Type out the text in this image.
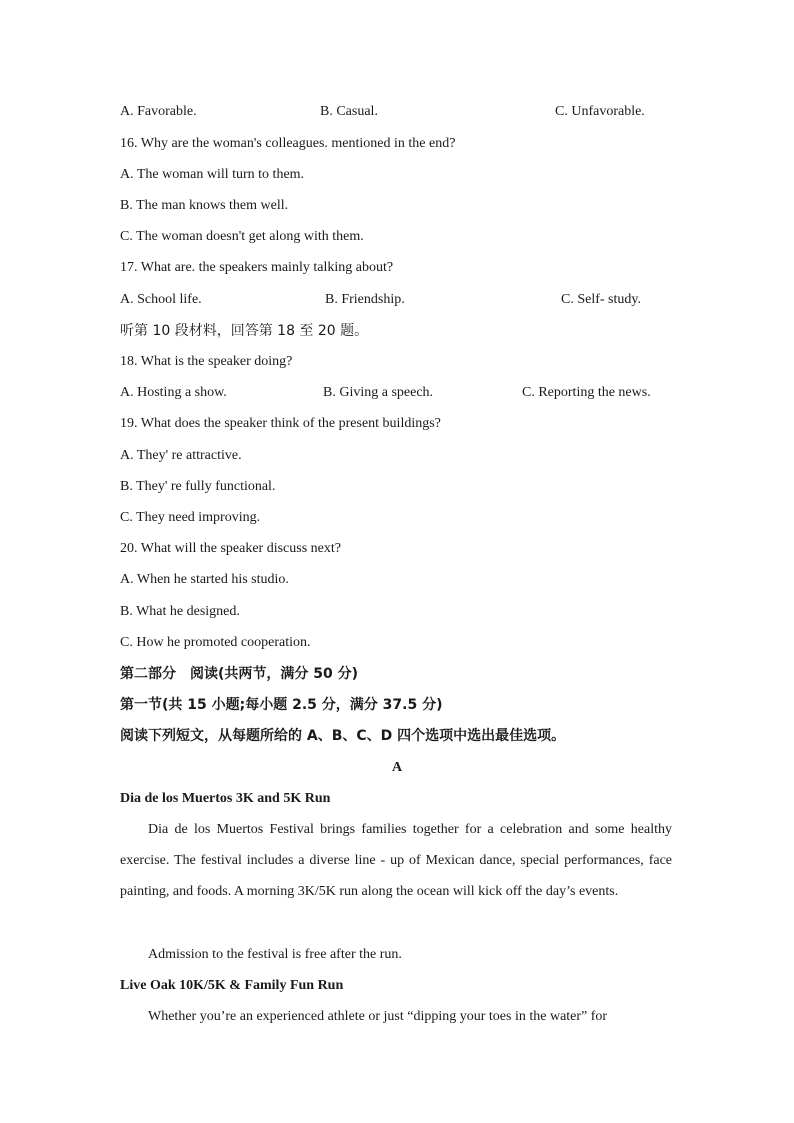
A. Favorable.	B. Casual.	C. Unfavorable.
16. Why are the woman's colleagues. mentioned in the end?
A. The woman will turn to them.
B. The man knows them well.
C. The woman doesn't get along with them.
17. What are. the speakers mainly talking about?
A. School life.	B. Friendship.	C. Self- study.
听第 10 段材料，回答第 18 至 20 题。
18. What is the speaker doing?
A. Hosting a show.	B. Giving a speech.	C. Reporting the news.
19. What does the speaker think of the present buildings?
A. They' re attractive.
B. They' re fully functional.
C. They need improving.
20. What will the speaker discuss next?
A. When he started his studio.
B. What he designed.
C. How he promoted cooperation.
第二部分　阅读(共两节，满分 50 分)
第一节(共 15 小题;每小题 2.5 分，满分 37.5 分)
阅读下列短文，从每题所给的 A、B、C、D 四个选项中选出最佳选项。
A
Dia de los Muertos 3K and 5K Run
Dia de los Muertos Festival brings families together for a celebration and some healthy exercise. The festival includes a diverse line - up of Mexican dance, special performances, face painting, and foods. A morning 3K/5K run along the ocean will kick off the day’s events.
Admission to the festival is free after the run.
Live Oak 10K/5K & Family Fun Run
Whether you’re an experienced athlete or just “dipping your toes in the water” for
